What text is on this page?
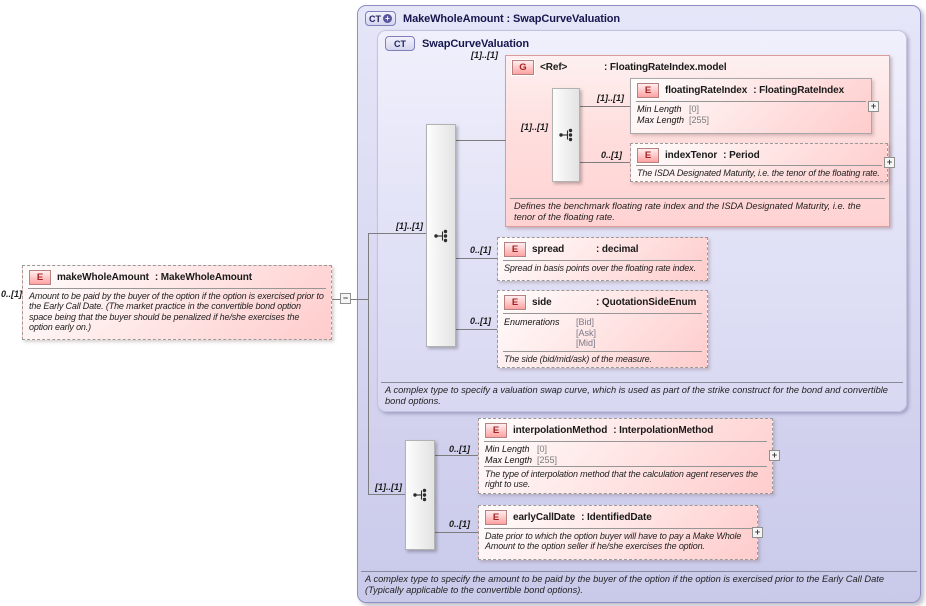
CT + MakeWholeAmount : SwapCurveValuation
A complex type to specify the amount to be paid by the buyer of the option if the option is exercised prior to the Early Call Date (Typically applicable to the convertible bond options).
CT	SwapCurveValuation
A complex type to specify a valuation swap curve, which is used as part of the strike construct for the bond and convertible bond options.
G	<Ref>	: FloatingRateIndex.model
Defines the benchmark floating rate index and the ISDA Designated Maturity, i.e. the tenor of the floating rate.
E	makeWholeAmount : MakeWholeAmount
Amount to be paid by the buyer of the option if the option is exercised prior to the Early Call Date. (The market practice in the convertible bond option space being that the buyer should be penalized if he/she exercises the option early on.)
E	floatingRateIndex : FloatingRateIndex
Min Length [0]
Max Length [255]
E	indexTenor : Period
The ISDA Designated Maturity, i.e. the tenor of the floating rate.
E	spread	: decimal
Spread in basis points over the floating rate index.
E	side	: QuotationSideEnum
Enumerations	[Bid]
[Ask]
[Mid]
The side (bid/mid/ask) of the measure.
E	interpolationMethod : InterpolationMethod
Min Length [0]
Max Length [255]
The type of interpolation method that the calculation agent reserves the right to use.
E	earlyCallDate : IdentifiedDate
Date prior to which the option buyer will have to pay a Make Whole Amount to the option seller if he/she exercises the option.
−
+
+
+
+
0..[1]
[1]..[1]
[1]..[1]
[1]..[1]
[1]..[1]
[1]..[1]
0..[1]
0..[1]
0..[1]
0..[1]
0..[1]
